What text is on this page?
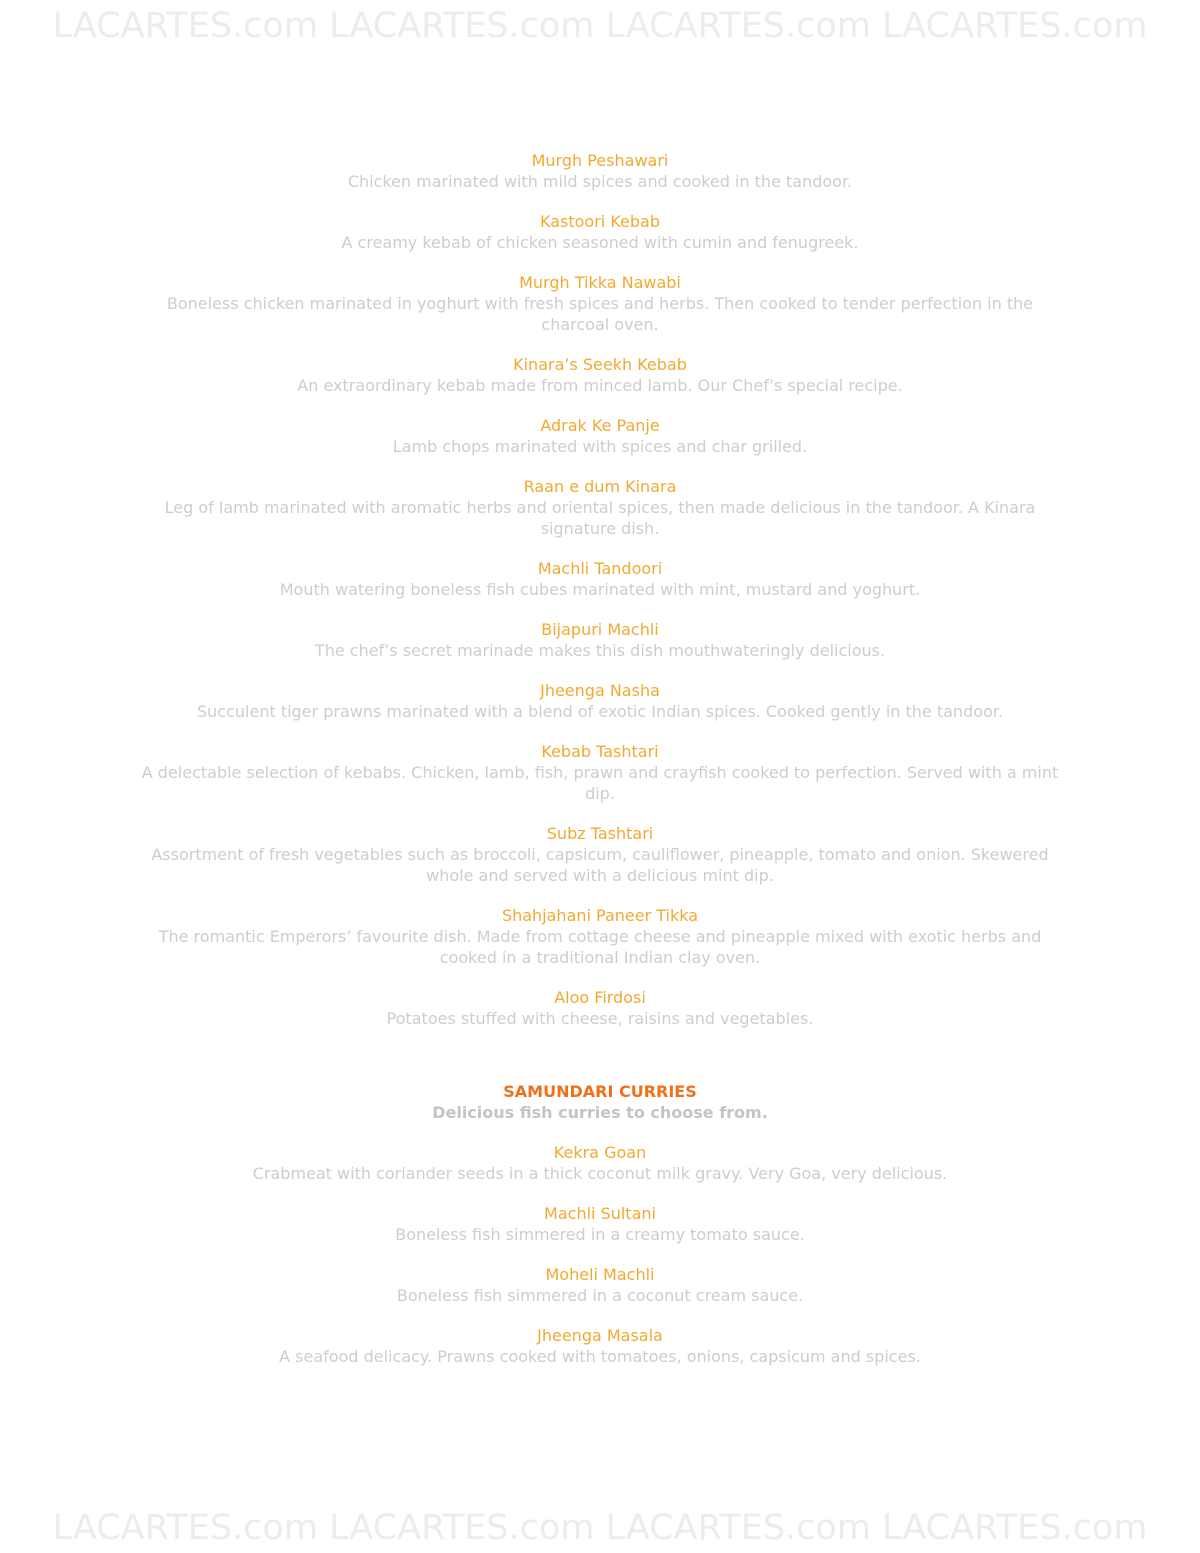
LACARTES.com LACARTES.com LACARTES.com LACARTES.com
Murgh Peshawari
Chicken marinated with mild spices and cooked in the tandoor.
Kastoori Kebab
A creamy kebab of chicken seasoned with cumin and fenugreek.
Murgh Tikka Nawabi
Boneless chicken marinated in yoghurt with fresh spices and herbs. Then cooked to tender perfection in the charcoal oven.
Kinara’s Seekh Kebab
An extraordinary kebab made from minced lamb. Our Chef’s special recipe.
Adrak Ke Panje
Lamb chops marinated with spices and char grilled.
Raan e dum Kinara
Leg of lamb marinated with aromatic herbs and oriental spices, then made delicious in the tandoor. A Kinara signature dish.
Machli Tandoori
Mouth watering boneless fish cubes marinated with mint, mustard and yoghurt.
Bijapuri Machli
The chef’s secret marinade makes this dish mouthwateringly delicious.
Jheenga Nasha
Succulent tiger prawns marinated with a blend of exotic Indian spices. Cooked gently in the tandoor.
Kebab Tashtari
A delectable selection of kebabs. Chicken, lamb, fish, prawn and crayfish cooked to perfection. Served with a mint dip.
Subz Tashtari
Assortment of fresh vegetables such as broccoli, capsicum, cauliflower, pineapple, tomato and onion. Skewered whole and served with a delicious mint dip.
Shahjahani Paneer Tikka
The romantic Emperors’ favourite dish. Made from cottage cheese and pineapple mixed with exotic herbs and cooked in a traditional Indian clay oven.
Aloo Firdosi
Potatoes stuffed with cheese, raisins and vegetables.
SAMUNDARI CURRIES
Delicious fish curries to choose from.
Kekra Goan
Crabmeat with coriander seeds in a thick coconut milk gravy. Very Goa, very delicious.
Machli Sultani
Boneless fish simmered in a creamy tomato sauce.
Moheli Machli
Boneless fish simmered in a coconut cream sauce.
Jheenga Masala
A seafood delicacy. Prawns cooked with tomatoes, onions, capsicum and spices.
LACARTES.com LACARTES.com LACARTES.com LACARTES.com
